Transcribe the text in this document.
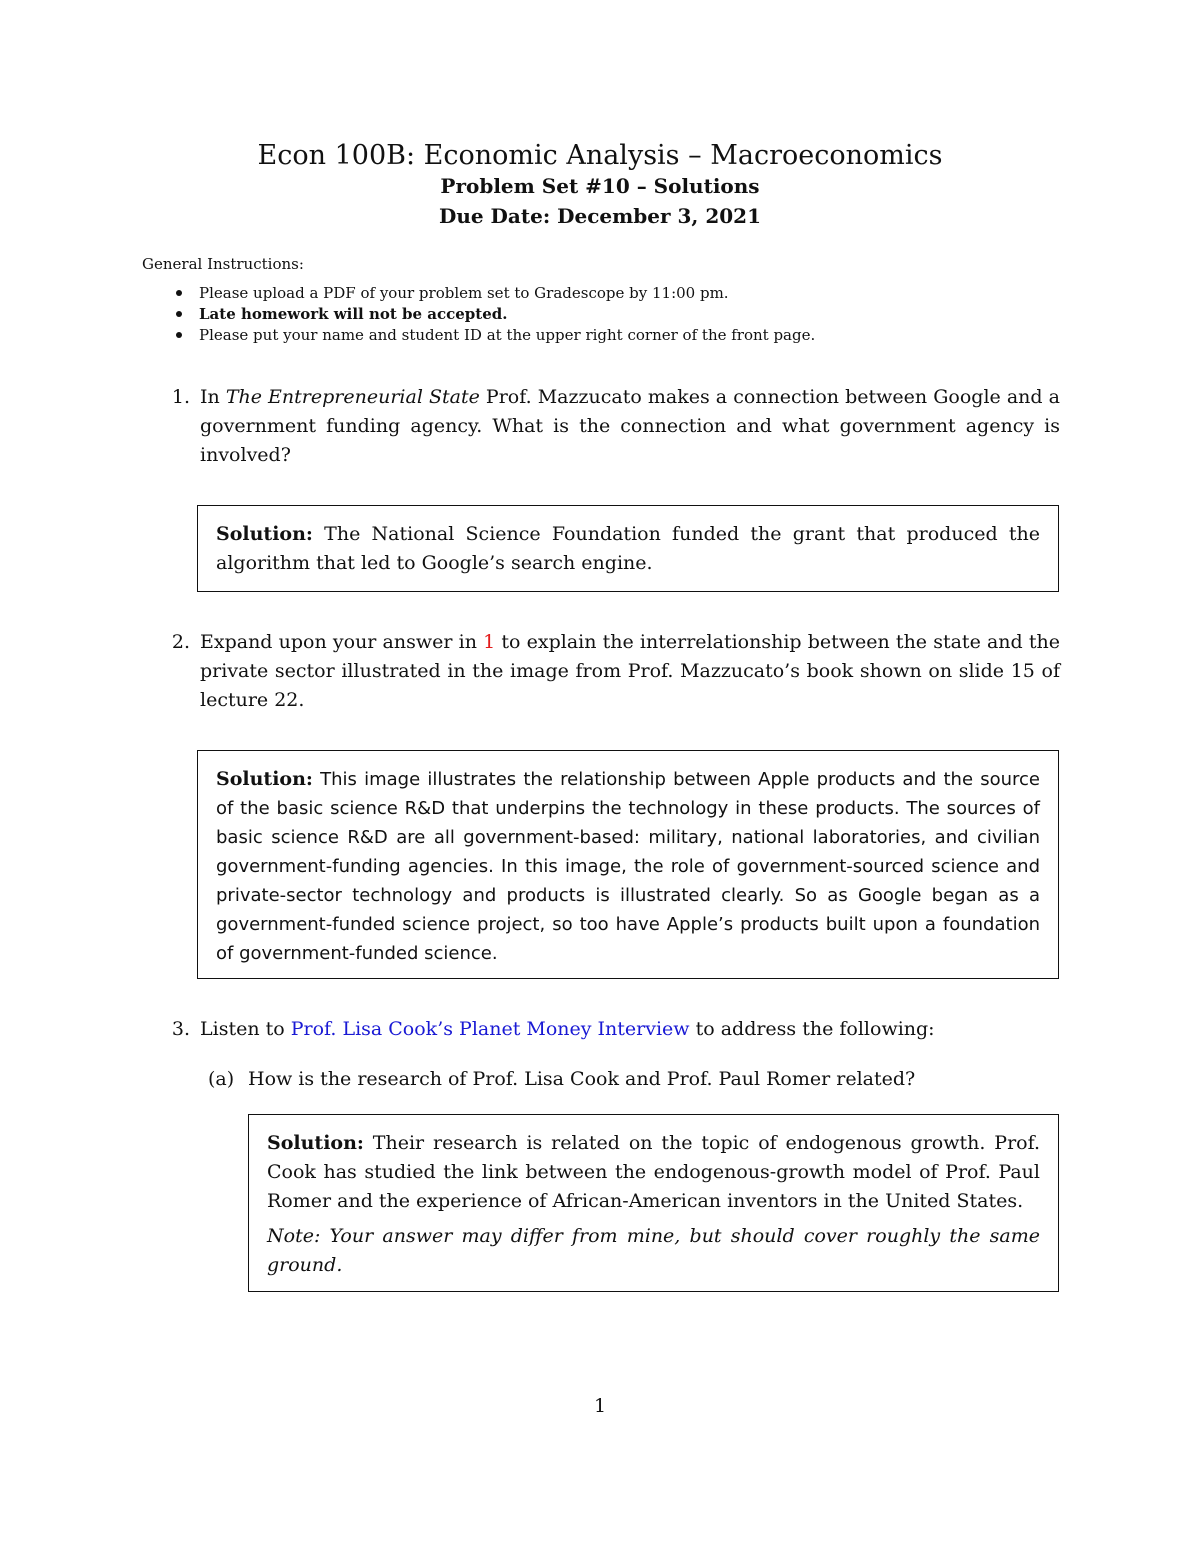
Econ 100B: Economic Analysis – Macroeconomics
Problem Set #10 – Solutions
Due Date: December 3, 2021
General Instructions:
Please upload a PDF of your problem set to Gradescope by 11:00 pm.
Late homework will not be accepted.
Please put your name and student ID at the upper right corner of the front page.
1. In The Entrepreneurial State Prof. Mazzucato makes a connection between Google and a government funding agency. What is the connection and what government agency is involved?

Solution: The National Science Foundation funded the grant that produced the algorithm that led to Google’s search engine.

2. Expand upon your answer in 1 to explain the interrelationship between the state and the private sector illustrated in the image from Prof. Mazzucato’s book shown on slide 15 of lecture 22.

Solution: This image illustrates the relationship between Apple products and the source of the basic science R&D that underpins the technology in these products. The sources of basic science R&D are all government-based: military, national laboratories, and civilian government-funding agencies. In this image, the role of government-sourced science and private-sector technology and products is illustrated clearly. So as Google began as a government-funded science project, so too have Apple’s products built upon a foundation of government-funded science.

3. Listen to Prof. Lisa Cook’s Planet Money Interview to address the following:
(a) How is the research of Prof. Lisa Cook and Prof. Paul Romer related?

Solution: Their research is related on the topic of endogenous growth. Prof. Cook has studied the link between the endogenous-growth model of Prof. Paul Romer and the experience of African-American inventors in the United States.

Note: Your answer may differ from mine, but should cover roughly the same ground.

1
